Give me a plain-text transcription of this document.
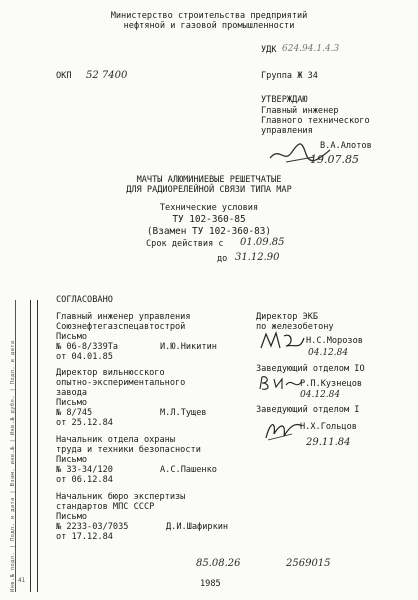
Министерство строительства предприятий
нефтяной и газовой промышленности
УДК 624.94.1.4.3
ОКП 52 7400	Группа Ж 34
УТВЕРЖДАЮ
Главный инженер
Главного технического
управления
В.А.Алотов
19.07.85
МАЧТЫ АЛЮМИНИЕВЫЕ РЕШЕТЧАТЫЕ
ДЛЯ РАДИОРЕЛЕЙНОЙ СВЯЗИ ТИПА МАР
Технические условия
ТУ 102-360-85
(Взамен ТУ 102-360-83)
Срок действия с 01.09.85
до 31.12.90
Инв.№ подл. | Подп. и дата | Взам. инв.№ | Инв.№ дубл. | Подп. и дата 41
СОГЛАСОВАНО
Главный инженер управления
Союзнефтегазспецавтострой
Письмо
№ 06-8/339Та
от 04.01.85
И.Ю.Никитин
Директор вильнюсского
опытно-экспериментального
завода
Письмо
№ 8/745
от 25.12.84
М.Л.Тущев
Начальник отдела охраны
труда и техники безопасности
Письмо
№ 33-34/120
от 06.12.84
А.С.Пашенко
Начальник бюро экспертизы
стандартов МПС СССР
Письмо
№ 2233-03/7035
от 17.12.84
Д.И.Шафиркин
Директор ЭКБ
по железобетону
Н.С.Морозов
04.12.84
Заведующий отделом IO
Р.П.Кузнецов
04.12.84
Заведующий отделом I
Н.Х.Гольцов
29.11.84
85.08.26	2569015
1985
